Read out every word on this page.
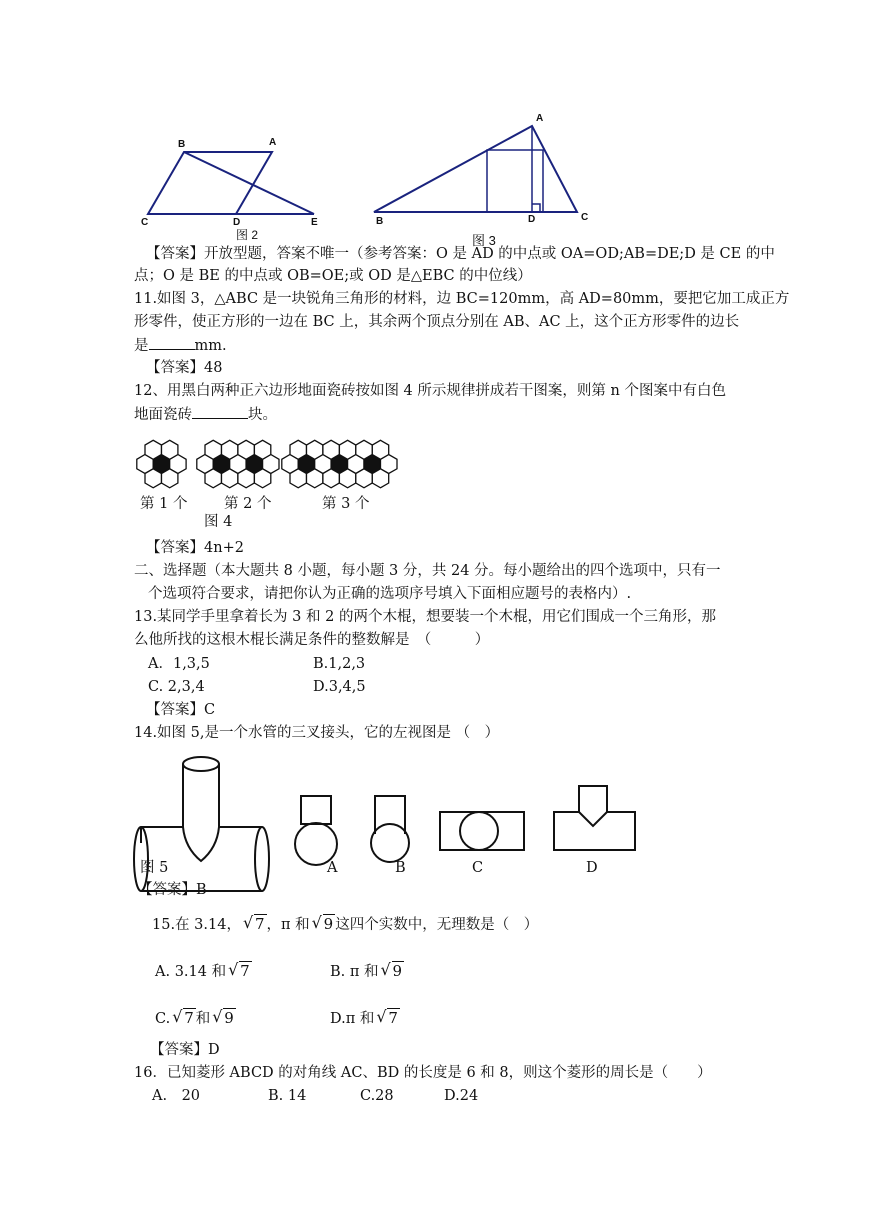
B	A
C	D	E
图 2
A
B	D	C
图 3
【答案】开放型题，答案不唯一（参考答案：O 是 AD 的中点或 OA=OD;AB=DE;D 是 CE 的中
点；O 是 BE 的中点或 OB=OE;或 OD 是△EBC 的中位线）
11.如图 3，△ABC 是一块锐角三角形的材料，边 BC=120mm，高 AD=80mm，要把它加工成正方
形零件，使正方形的一边在 BC 上，其余两个顶点分别在 AB、AC 上，这个正方形零件的边长
是	mm.
【答案】48
12、用黑白两种正六边形地面瓷砖按如图 4 所示规律拼成若干图案，则第 n 个图案中有白色
地面瓷砖	块。
第 1 个	第 2 个	第 3 个
图 4
【答案】4n+2
二、选择题（本大题共 8 小题，每小题 3 分，共 24 分。每小题给出的四个选项中，只有一
个选项符合要求，请把你认为正确的选项序号填入下面相应题号的表格内）.
13.某同学手里拿着长为 3 和 2 的两个木棍，想要装一个木棍，用它们围成一个三角形，那
么他所找的这根木棍长满足条件的整数解是　（　　　）
A．1,3,5	B.1,2,3
C. 2,3,4	D.3,4,5
【答案】C
14.如图 5,是一个水管的三叉接头，它的左视图是 （　）
图 5	A	B	C	D
【答案】B
15.在 3.14， √ 7 ，π 和 √ 9 这四个实数中，无理数是（　）
A. 3.14 和 √ 7	B. π 和 √ 9
C. √ 7 和 √ 9	D.π 和 √ 7
【答案】D
16．已知菱形 ABCD 的对角线 AC、BD 的长度是 6 和 8，则这个菱形的周长是（　　）
A.　20	B. 14	C.28	D.24
